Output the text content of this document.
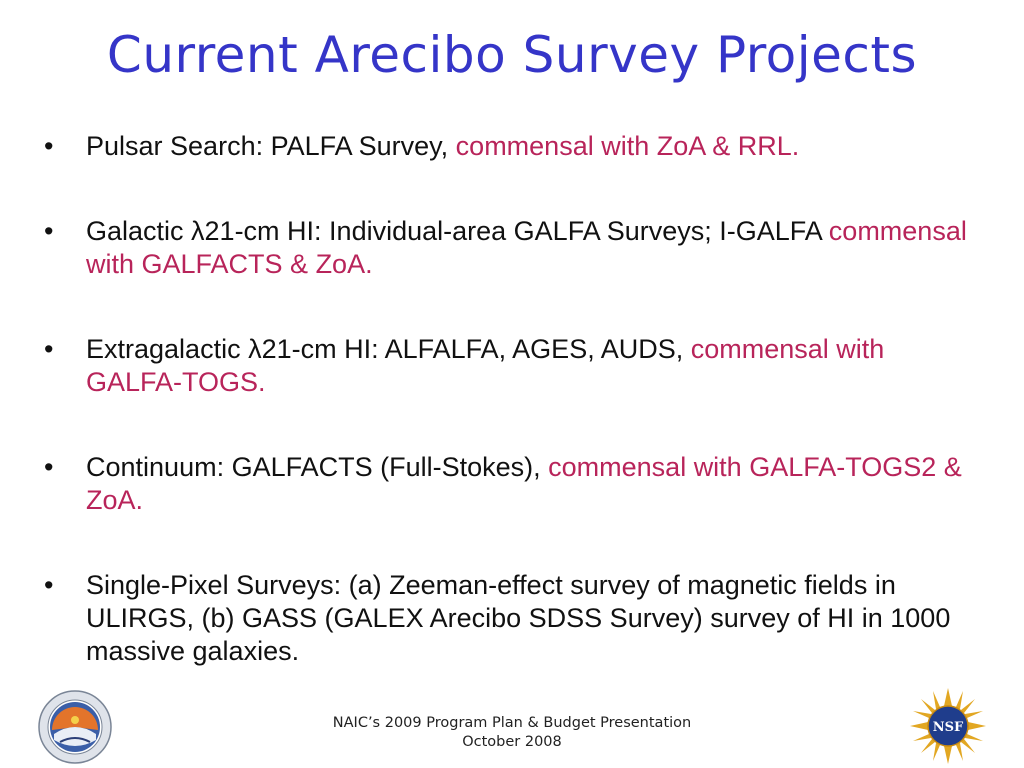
Current Arecibo Survey Projects
• Pulsar Search: PALFA Survey, commensal with ZoA & RRL.
• Galactic λ21-cm HI: Individual-area GALFA Surveys; I-GALFA commensal with GALFACTS & ZoA.
• Extragalactic λ21-cm HI: ALFALFA, AGES, AUDS, commensal with GALFA-TOGS.
• Continuum: GALFACTS (Full-Stokes), commensal with GALFA-TOGS2 & ZoA.
• Single-Pixel Surveys: (a) Zeeman-effect survey of magnetic fields in ULIRGS, (b) GASS (GALEX Arecibo SDSS Survey) survey of HI in 1000 massive galaxies.
NAIC’s 2009 Program Plan & Budget Presentation
October 2008
NSF
